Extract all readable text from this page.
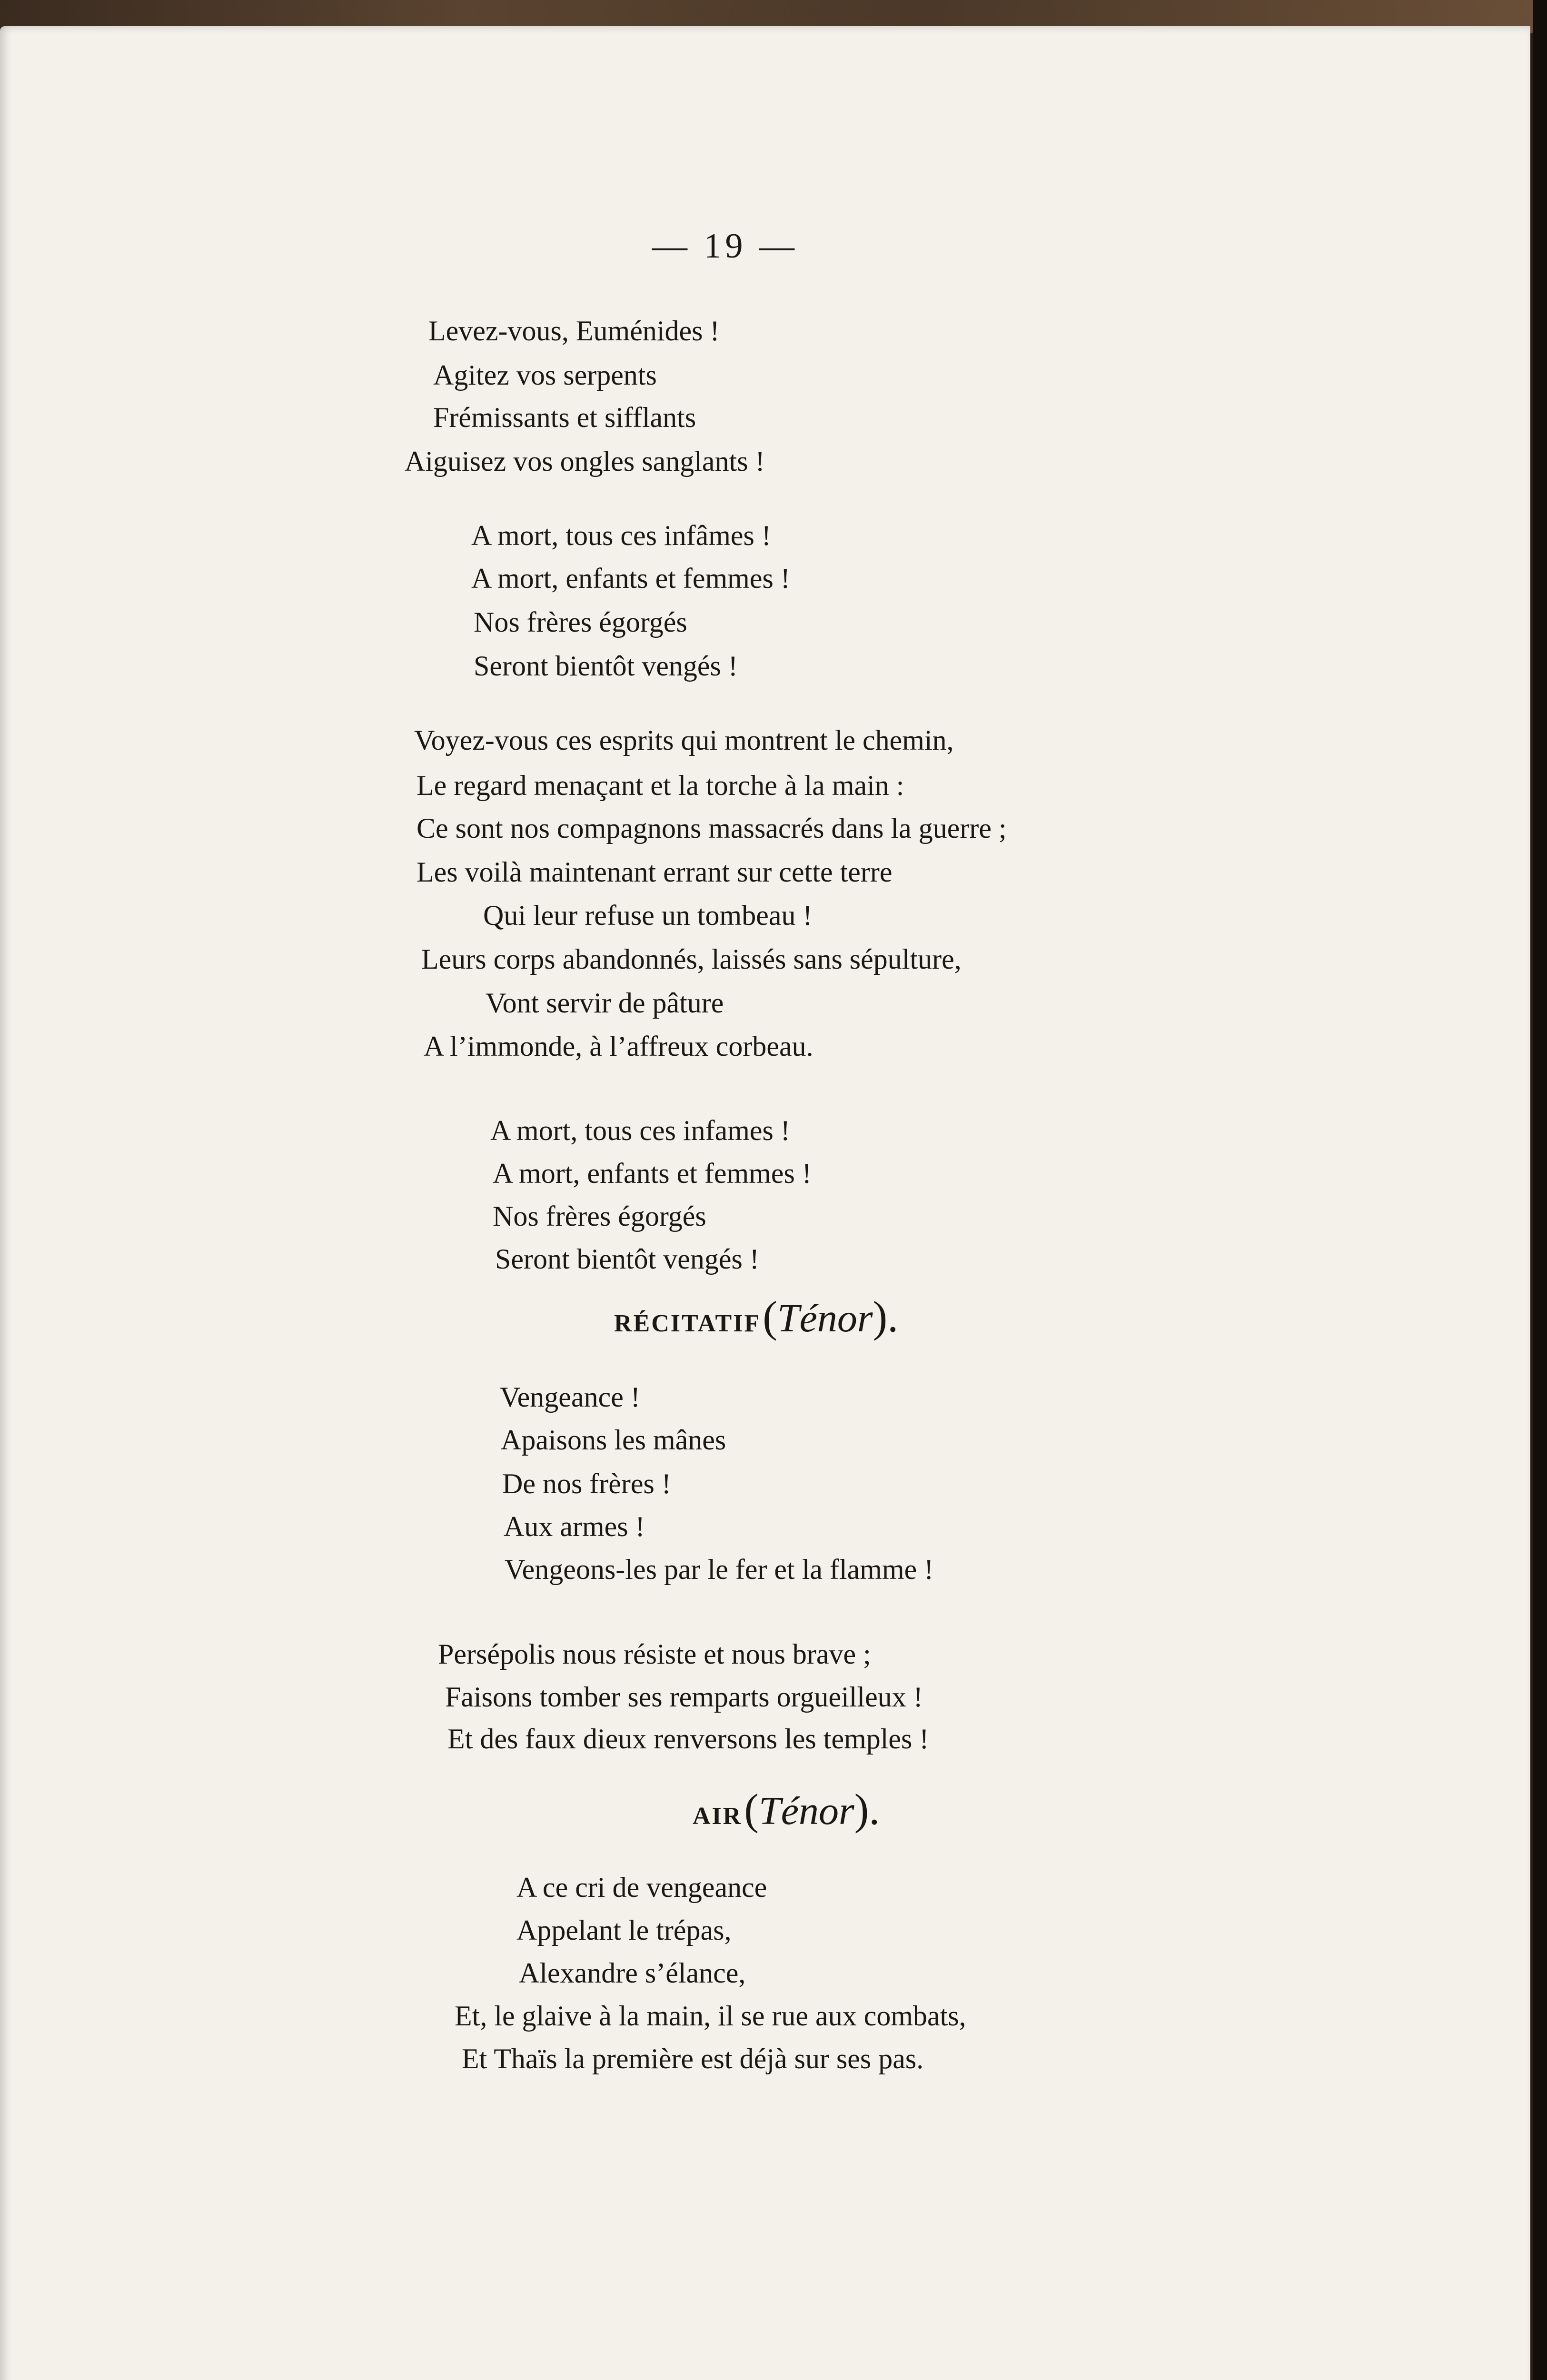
— 19 —
Levez-vous, Euménides !
Agitez vos serpents
Frémissants et sifflants
Aiguisez vos ongles sanglants !
A mort, tous ces infâmes !
A mort, enfants et femmes !
Nos frères égorgés
Seront bientôt vengés !
Voyez-vous ces esprits qui montrent le chemin,
Le regard menaçant et la torche à la main :
Ce sont nos compagnons massacrés dans la guerre ;
Les voilà maintenant errant sur cette terre
Qui leur refuse un tombeau !
Leurs corps abandonnés, laissés sans sépulture,
Vont servir de pâture
A l’immonde, à l’affreux corbeau.
A mort, tous ces infames !
A mort, enfants et femmes !
Nos frères égorgés
Seront bientôt vengés !
RÉCITATIF (Ténor).
Vengeance !
Apaisons les mânes
De nos frères !
Aux armes !
Vengeons-les par le fer et la flamme !
Persépolis nous résiste et nous brave ;
Faisons tomber ses remparts orgueilleux !
Et des faux dieux renversons les temples !
AIR (Ténor).
A ce cri de vengeance
Appelant le trépas,
Alexandre s’élance,
Et, le glaive à la main, il se rue aux combats,
Et Thaïs la première est déjà sur ses pas.
